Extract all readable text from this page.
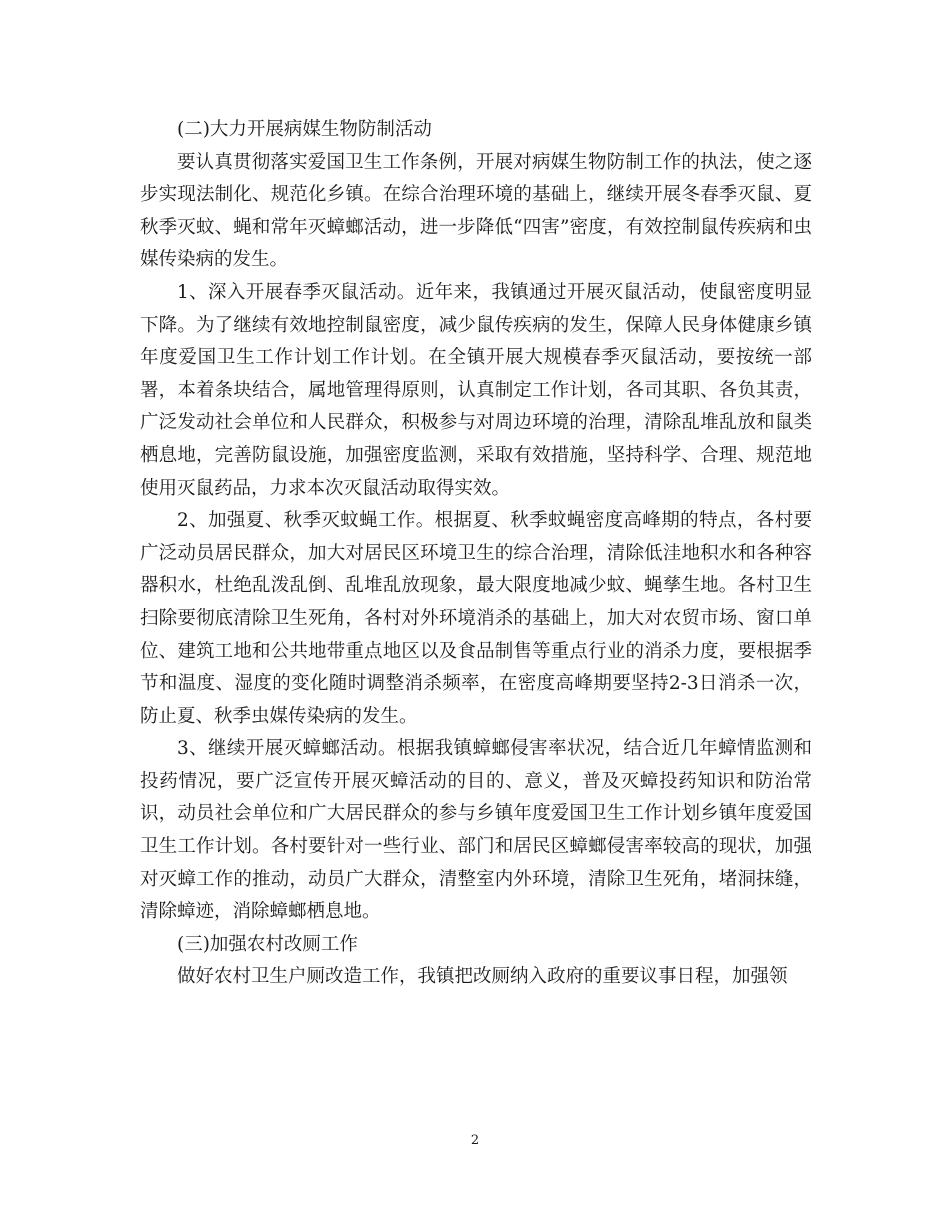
(二)大力开展病媒生物防制活动

要认真贯彻落实爱国卫生工作条例，开展对病媒生物防制工作的执法，使之逐步实现法制化、规范化乡镇。在综合治理环境的基础上，继续开展冬春季灭鼠、夏秋季灭蚊、蝇和常年灭蟑螂活动，进一步降低“四害”密度，有效控制鼠传疾病和虫媒传染病的发生。

1、深入开展春季灭鼠活动。近年来，我镇通过开展灭鼠活动，使鼠密度明显下降。为了继续有效地控制鼠密度，减少鼠传疾病的发生，保障人民身体健康乡镇年度爱国卫生工作计划工作计划。在全镇开展大规模春季灭鼠活动，要按统一部署，本着条块结合，属地管理得原则，认真制定工作计划，各司其职、各负其责，广泛发动社会单位和人民群众，积极参与对周边环境的治理，清除乱堆乱放和鼠类栖息地，完善防鼠设施，加强密度监测，采取有效措施，坚持科学、合理、规范地使用灭鼠药品，力求本次灭鼠活动取得实效。

2、加强夏、秋季灭蚊蝇工作。根据夏、秋季蚊蝇密度高峰期的特点，各村要广泛动员居民群众，加大对居民区环境卫生的综合治理，清除低洼地积水和各种容器积水，杜绝乱泼乱倒、乱堆乱放现象，最大限度地减少蚊、蝇孳生地。各村卫生扫除要彻底清除卫生死角，各村对外环境消杀的基础上，加大对农贸市场、窗口单位、建筑工地和公共地带重点地区以及食品制售等重点行业的消杀力度，要根据季节和温度、湿度的变化随时调整消杀频率，在密度高峰期要坚持2-3日消杀一次，防止夏、秋季虫媒传染病的发生。

3、继续开展灭蟑螂活动。根据我镇蟑螂侵害率状况，结合近几年蟑情监测和投药情况，要广泛宣传开展灭蟑活动的目的、意义，普及灭蟑投药知识和防治常识，动员社会单位和广大居民群众的参与乡镇年度爱国卫生工作计划乡镇年度爱国卫生工作计划。各村要针对一些行业、部门和居民区蟑螂侵害率较高的现状，加强对灭蟑工作的推动，动员广大群众，清整室内外环境，清除卫生死角，堵洞抹缝，清除蟑迹，消除蟑螂栖息地。

(三)加强农村改厕工作

做好农村卫生户厕改造工作，我镇把改厕纳入政府的重要议事日程，加强领

2
